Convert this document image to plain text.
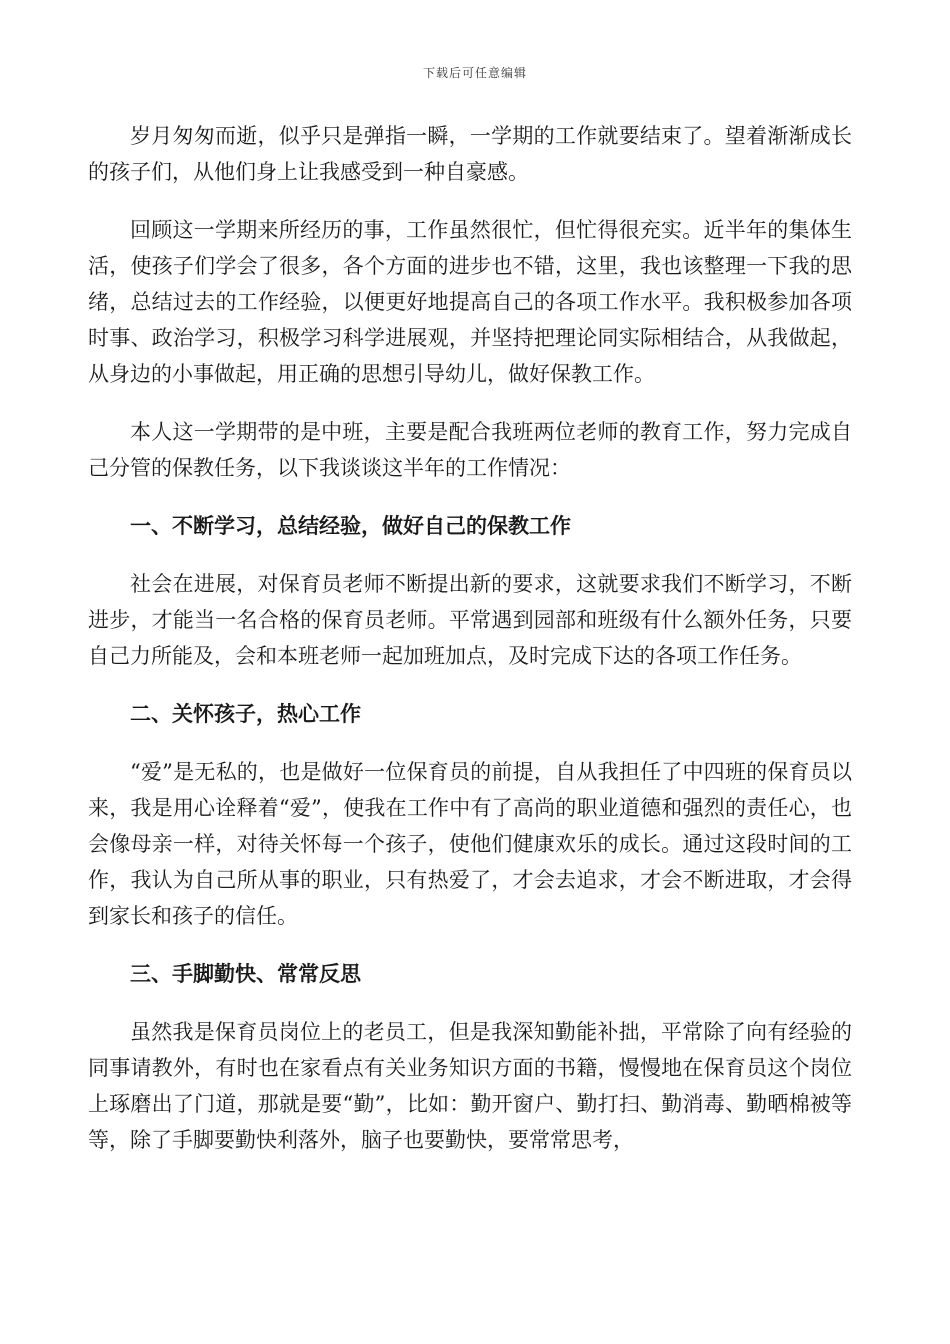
下载后可任意编辑

岁月匆匆而逝，似乎只是弹指一瞬，一学期的工作就要结束了。望着渐渐成长的孩子们，从他们身上让我感受到一种自豪感。

回顾这一学期来所经历的事，工作虽然很忙，但忙得很充实。近半年的集体生活，使孩子们学会了很多，各个方面的进步也不错，这里，我也该整理一下我的思绪，总结过去的工作经验，以便更好地提高自己的各项工作水平。我积极参加各项时事、政治学习，积极学习科学进展观，并坚持把理论同实际相结合，从我做起，从身边的小事做起，用正确的思想引导幼儿，做好保教工作。

本人这一学期带的是中班，主要是配合我班两位老师的教育工作，努力完成自己分管的保教任务，以下我谈谈这半年的工作情况：

一、不断学习，总结经验，做好自己的保教工作

社会在进展，对保育员老师不断提出新的要求，这就要求我们不断学习，不断进步，才能当一名合格的保育员老师。平常遇到园部和班级有什么额外任务，只要自己力所能及，会和本班老师一起加班加点，及时完成下达的各项工作任务。

二、关怀孩子，热心工作

“爱”是无私的，也是做好一位保育员的前提，自从我担任了中四班的保育员以来，我是用心诠释着“爱”，使我在工作中有了高尚的职业道德和强烈的责任心，也会像母亲一样，对待关怀每一个孩子，使他们健康欢乐的成长。通过这段时间的工作，我认为自己所从事的职业，只有热爱了，才会去追求，才会不断进取，才会得到家长和孩子的信任。

三、手脚勤快、常常反思

虽然我是保育员岗位上的老员工，但是我深知勤能补拙，平常除了向有经验的同事请教外，有时也在家看点有关业务知识方面的书籍，慢慢地在保育员这个岗位上琢磨出了门道，那就是要“勤”，比如：勤开窗户、勤打扫、勤消毒、勤晒棉被等等，除了手脚要勤快利落外，脑子也要勤快，要常常思考，
